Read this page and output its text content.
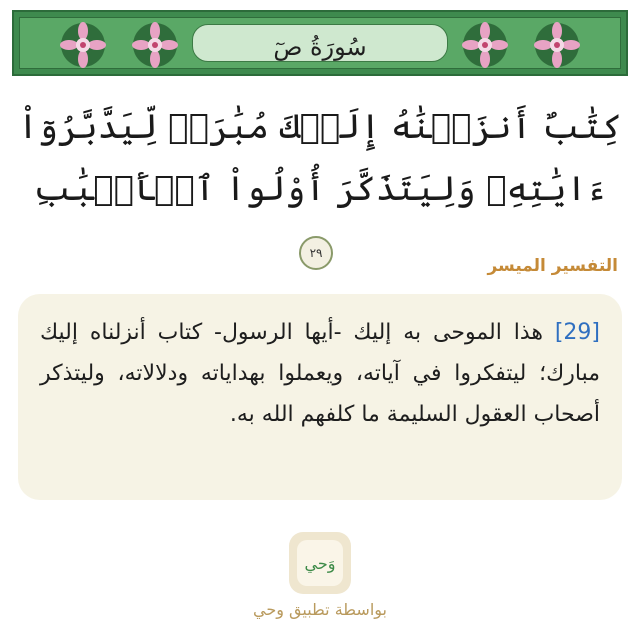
سُورَةُ صٓ
كِتَٰبٌ أَنزَلۡنَٰهُ إِلَيۡكَ مُبَٰرَكٞ لِّيَدَّبَّرُوٓاْ ءَايَٰتِهِۦ وَلِيَتَذَكَّرَ أُوْلُواْ ٱلۡأَلۡبَٰبِ ٢٩
التفسير الميسر
[29] هذا الموحى به إليك -أيها الرسول- كتاب أنزلناه إليك مبارك؛ ليتفكروا في آياته، ويعملوا بهداياته ودلالاته، وليتذكر أصحاب العقول السليمة ما كلفهم الله به.
وَحي
بواسطة تطبيق وحي
